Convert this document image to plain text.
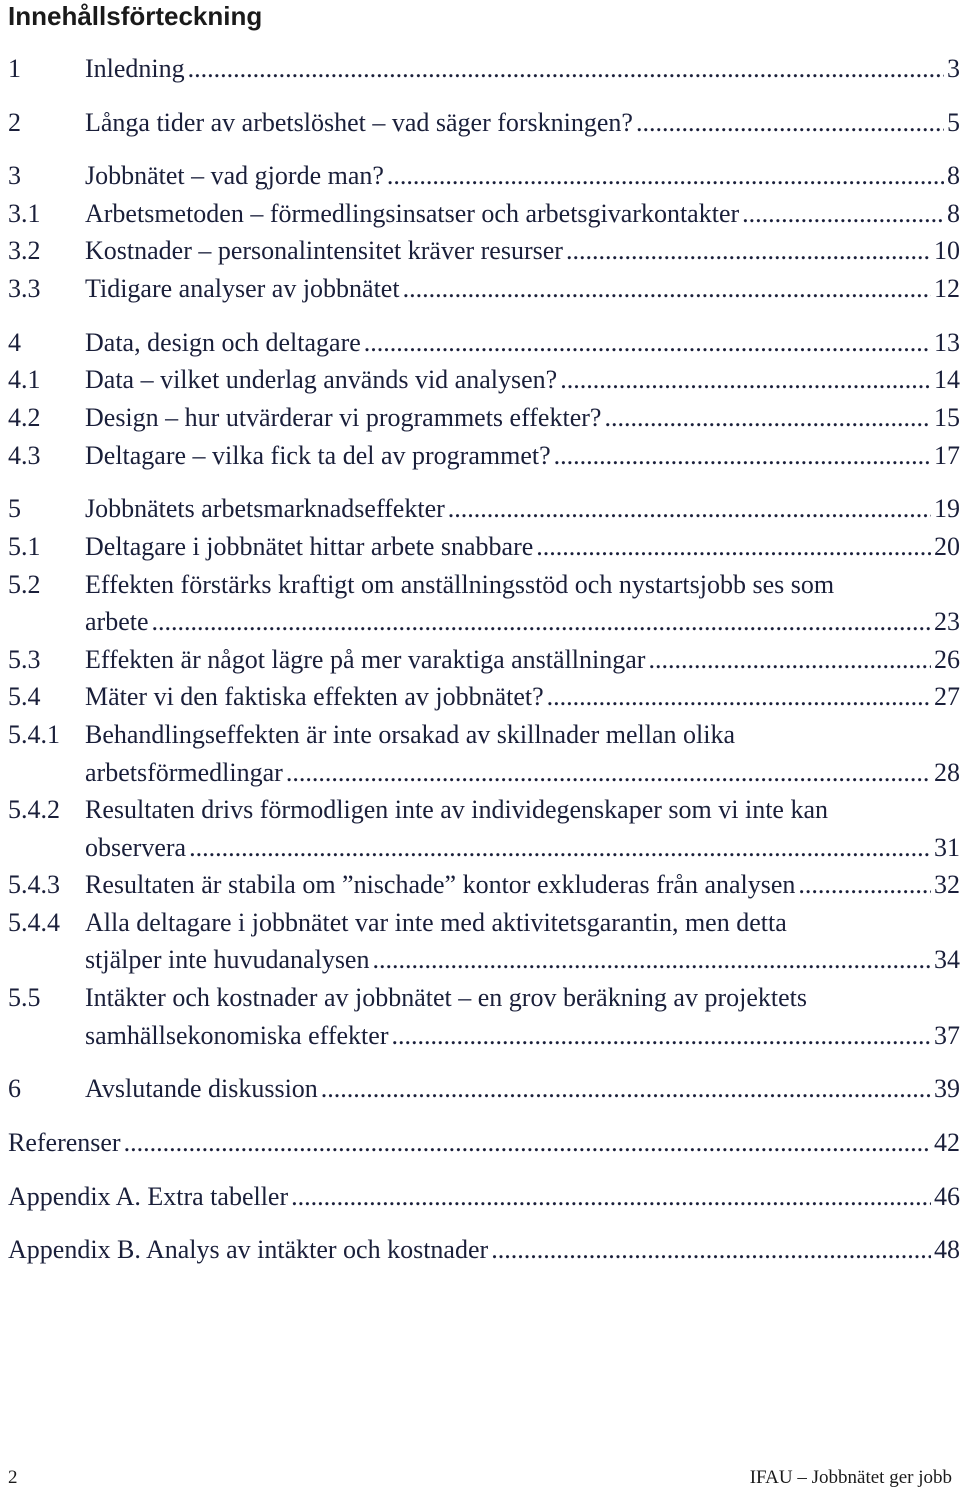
Innehållsförteckning
1 Inledning .....	3
2 Långa tider av arbetslöshet – vad säger forskningen? .....	5
3 Jobbnätet – vad gjorde man? .....	8
3.1 Arbetsmetoden – förmedlingsinsatser och arbetsgivarkontakter .....	8
3.2 Kostnader – personalintensitet kräver resurser .....	10
3.3 Tidigare analyser av jobbnätet .....	12
4 Data, design och deltagare .....	13
4.1 Data – vilket underlag används vid analysen? .....	14
4.2 Design – hur utvärderar vi programmets effekter? .....	15
4.3 Deltagare – vilka fick ta del av programmet? .....	17
5 Jobbnätets arbetsmarknadseffekter .....	19
5.1 Deltagare i jobbnätet hittar arbete snabbare .....	20
5.2 Effekten förstärks kraftigt om anställningsstöd och nystartsjobb ses som
arbete .....	23
5.3 Effekten är något lägre på mer varaktiga anställningar .....	26
5.4 Mäter vi den faktiska effekten av jobbnätet? .....	27
5.4.1 Behandlingseffekten är inte orsakad av skillnader mellan olika
arbetsförmedlingar .....	28
5.4.2 Resultaten drivs förmodligen inte av individegenskaper som vi inte kan
observera .....	31
5.4.3 Resultaten är stabila om ”nischade” kontor exkluderas från analysen .....	32
5.4.4 Alla deltagare i jobbnätet var inte med aktivitetsgarantin, men detta
stjälper inte huvudanalysen .....	34
5.5 Intäkter och kostnader av jobbnätet – en grov beräkning av projektets
samhällsekonomiska effekter .....	37
6 Avslutande diskussion .....	39
Referenser .....	42
Appendix A. Extra tabeller .....	46
Appendix B. Analys av intäkter och kostnader .....	48
2	IFAU – Jobbnätet ger jobb
